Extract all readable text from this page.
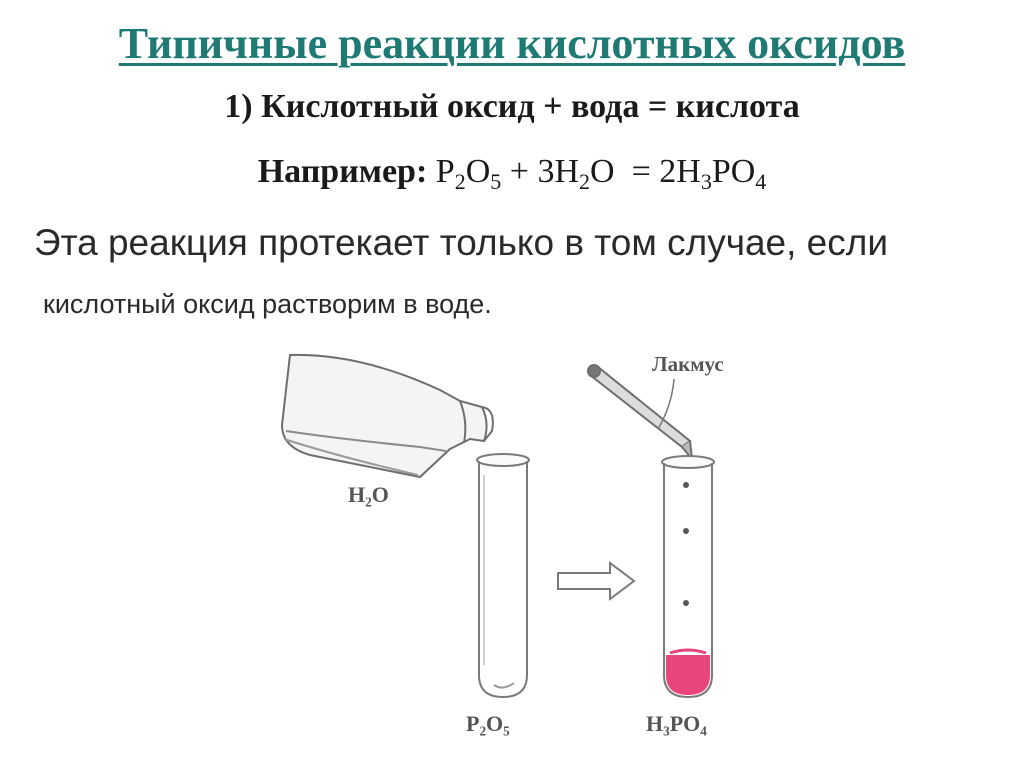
Типичные реакции кислотных оксидов
1) Кислотный оксид + вода = кислота
Например: $P_2O_5 + 3H_2O = 2H_3PO_4$
Эта реакция протекает только в том случае, если
кислотный оксид растворим в воде.
H₂O
P₂O₅
Лакмус
H₃PO₄
